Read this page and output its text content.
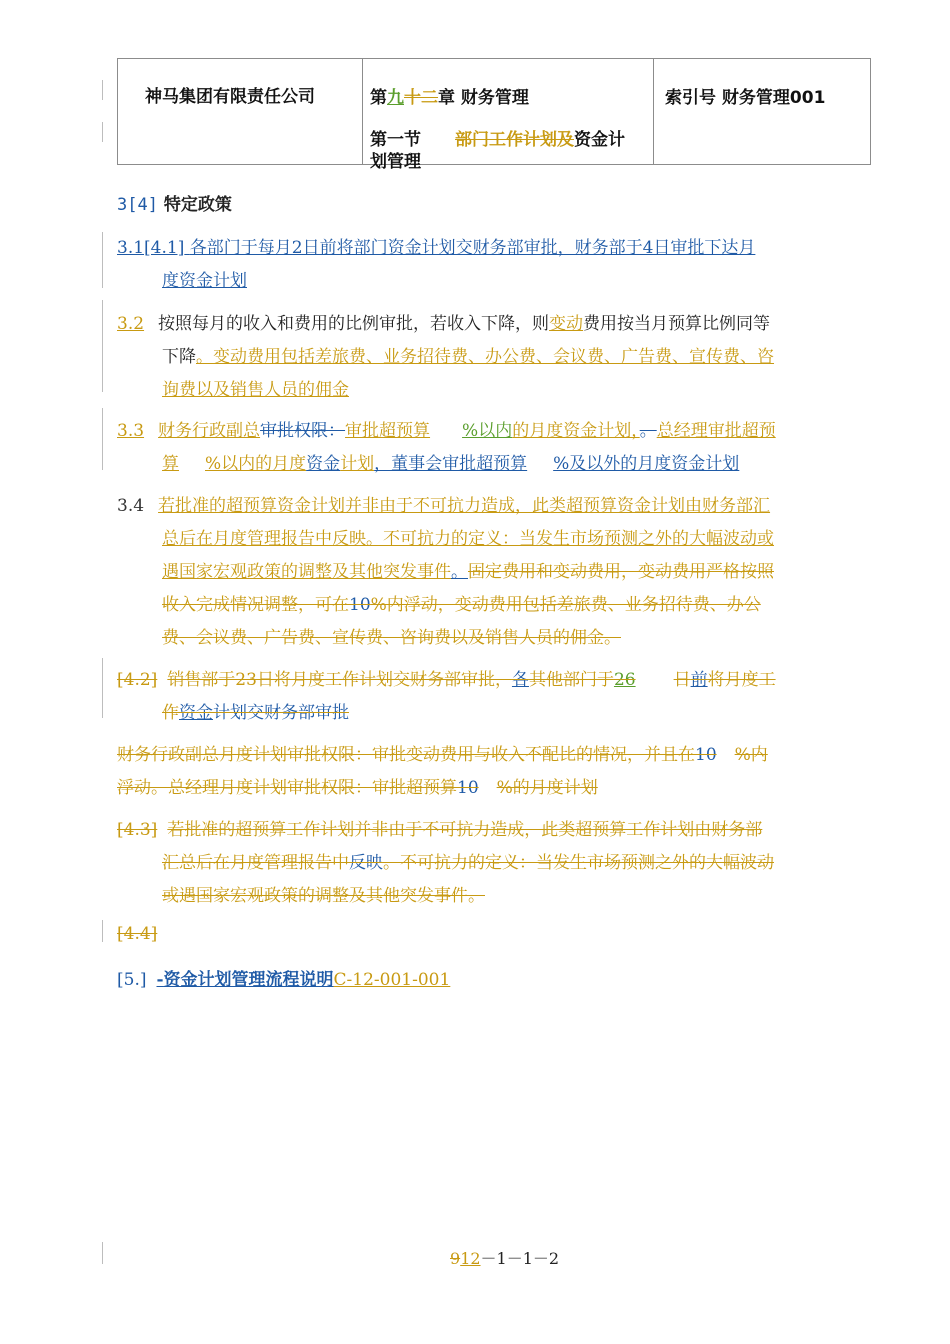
神马集团有限责任公司	第九十二章 财务管理
第一节 部门工作计划及资金计
划管理
索引号 财务管理001
3[4] 特定政策
3.1[4.1] 各部门于每月2日前将部门资金计划交财务部审批，财务部于4日审批下达月
度资金计划
3.2 按照每月的收入和费用的比例审批，若收入下降，则变动费用按当月预算比例同等
下降。变动费用包括差旅费、业务招待费、办公费、会议费、广告费、宣传费、咨
询费以及销售人员的佣金
3.3 财务行政副总审批权限：审批超预算 %以内的月度资金计划，。总经理审批超预
算 %以内的月度资金计划，董事会审批超预算 %及以外的月度资金计划
3.4 若批准的超预算资金计划并非由于不可抗力造成，此类超预算资金计划由财务部汇
总后在月度管理报告中反映。不可抗力的定义：当发生市场预测之外的大幅波动或
遇国家宏观政策的调整及其他突发事件。固定费用和变动费用，变动费用严格按照
收入完成情况调整，可在10%内浮动，变动费用包括差旅费、业务招待费、办公
费、会议费、广告费、宣传费、咨询费以及销售人员的佣金。
[4.2] 销售部于23日将月度工作计划交财务部审批，各其他部门于26 日前将月度工
作资金计划交财务部审批
财务行政副总月度计划审批权限：审批变动费用与收入不配比的情况，并且在10 %内
浮动。总经理月度计划审批权限：审批超预算10 %的月度计划
[4.3] 若批准的超预算工作计划并非由于不可抗力造成，此类超预算工作计划由财务部
汇总后在月度管理报告中反映。不可抗力的定义：当发生市场预测之外的大幅波动
或遇国家宏观政策的调整及其他突发事件。
[4.4]
[5.] -资金计划管理流程说明C-12-001-001
912－1－1－2
